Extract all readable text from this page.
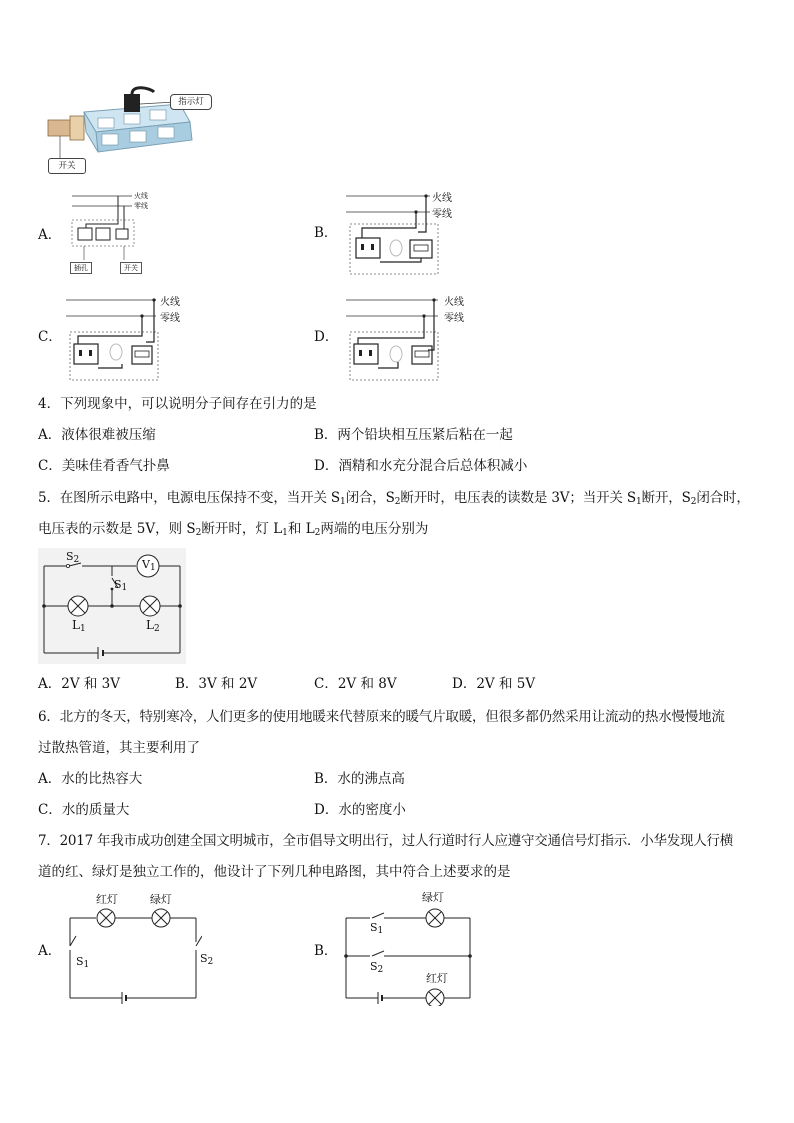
指示灯
开关
A．
火线
零线
插孔	开关
B．
火线
零线
C．
火线
零线
D．
火线
零线
4．下列现象中，可以说明分子间存在引力的是
A．液体很难被压缩	B．两个铅块相互压紧后粘在一起
C．美味佳肴香气扑鼻	D．酒精和水充分混合后总体积减小
5．在图所示电路中，电源电压保持不变，当开关 $S_1$闭合，$S_2$断开时，电压表的读数是 3V；当开关 $S_1$断开，$S_2$闭合时，
电压表的示数是 5V，则 $S_2$断开时，灯 $L_1$和 $L_2$两端的电压分别为
$S_2$	$V_1$
$S_1$
$L_1$	$L_2$
A．2V 和 3V	B．3V 和 2V	C．2V 和 8V	D．2V 和 5V
6．北方的冬天，特别寒冷，人们更多的使用地暖来代替原来的暖气片取暖，但很多都仍然采用让流动的热水慢慢地流
过散热管道，其主要利用了
A．水的比热容大	B．水的沸点高
C．水的质量大	D．水的密度小
7．2017 年我市成功创建全国文明城市，全市倡导文明出行，过人行道时行人应遵守交通信号灯指示．小华发现人行横
道的红、绿灯是独立工作的，他设计了下列几种电路图，其中符合上述要求的是
A．
红灯	绿灯
$S_1$	$S_2$
B．
绿灯
$S_1$
$S_2$
红灯
